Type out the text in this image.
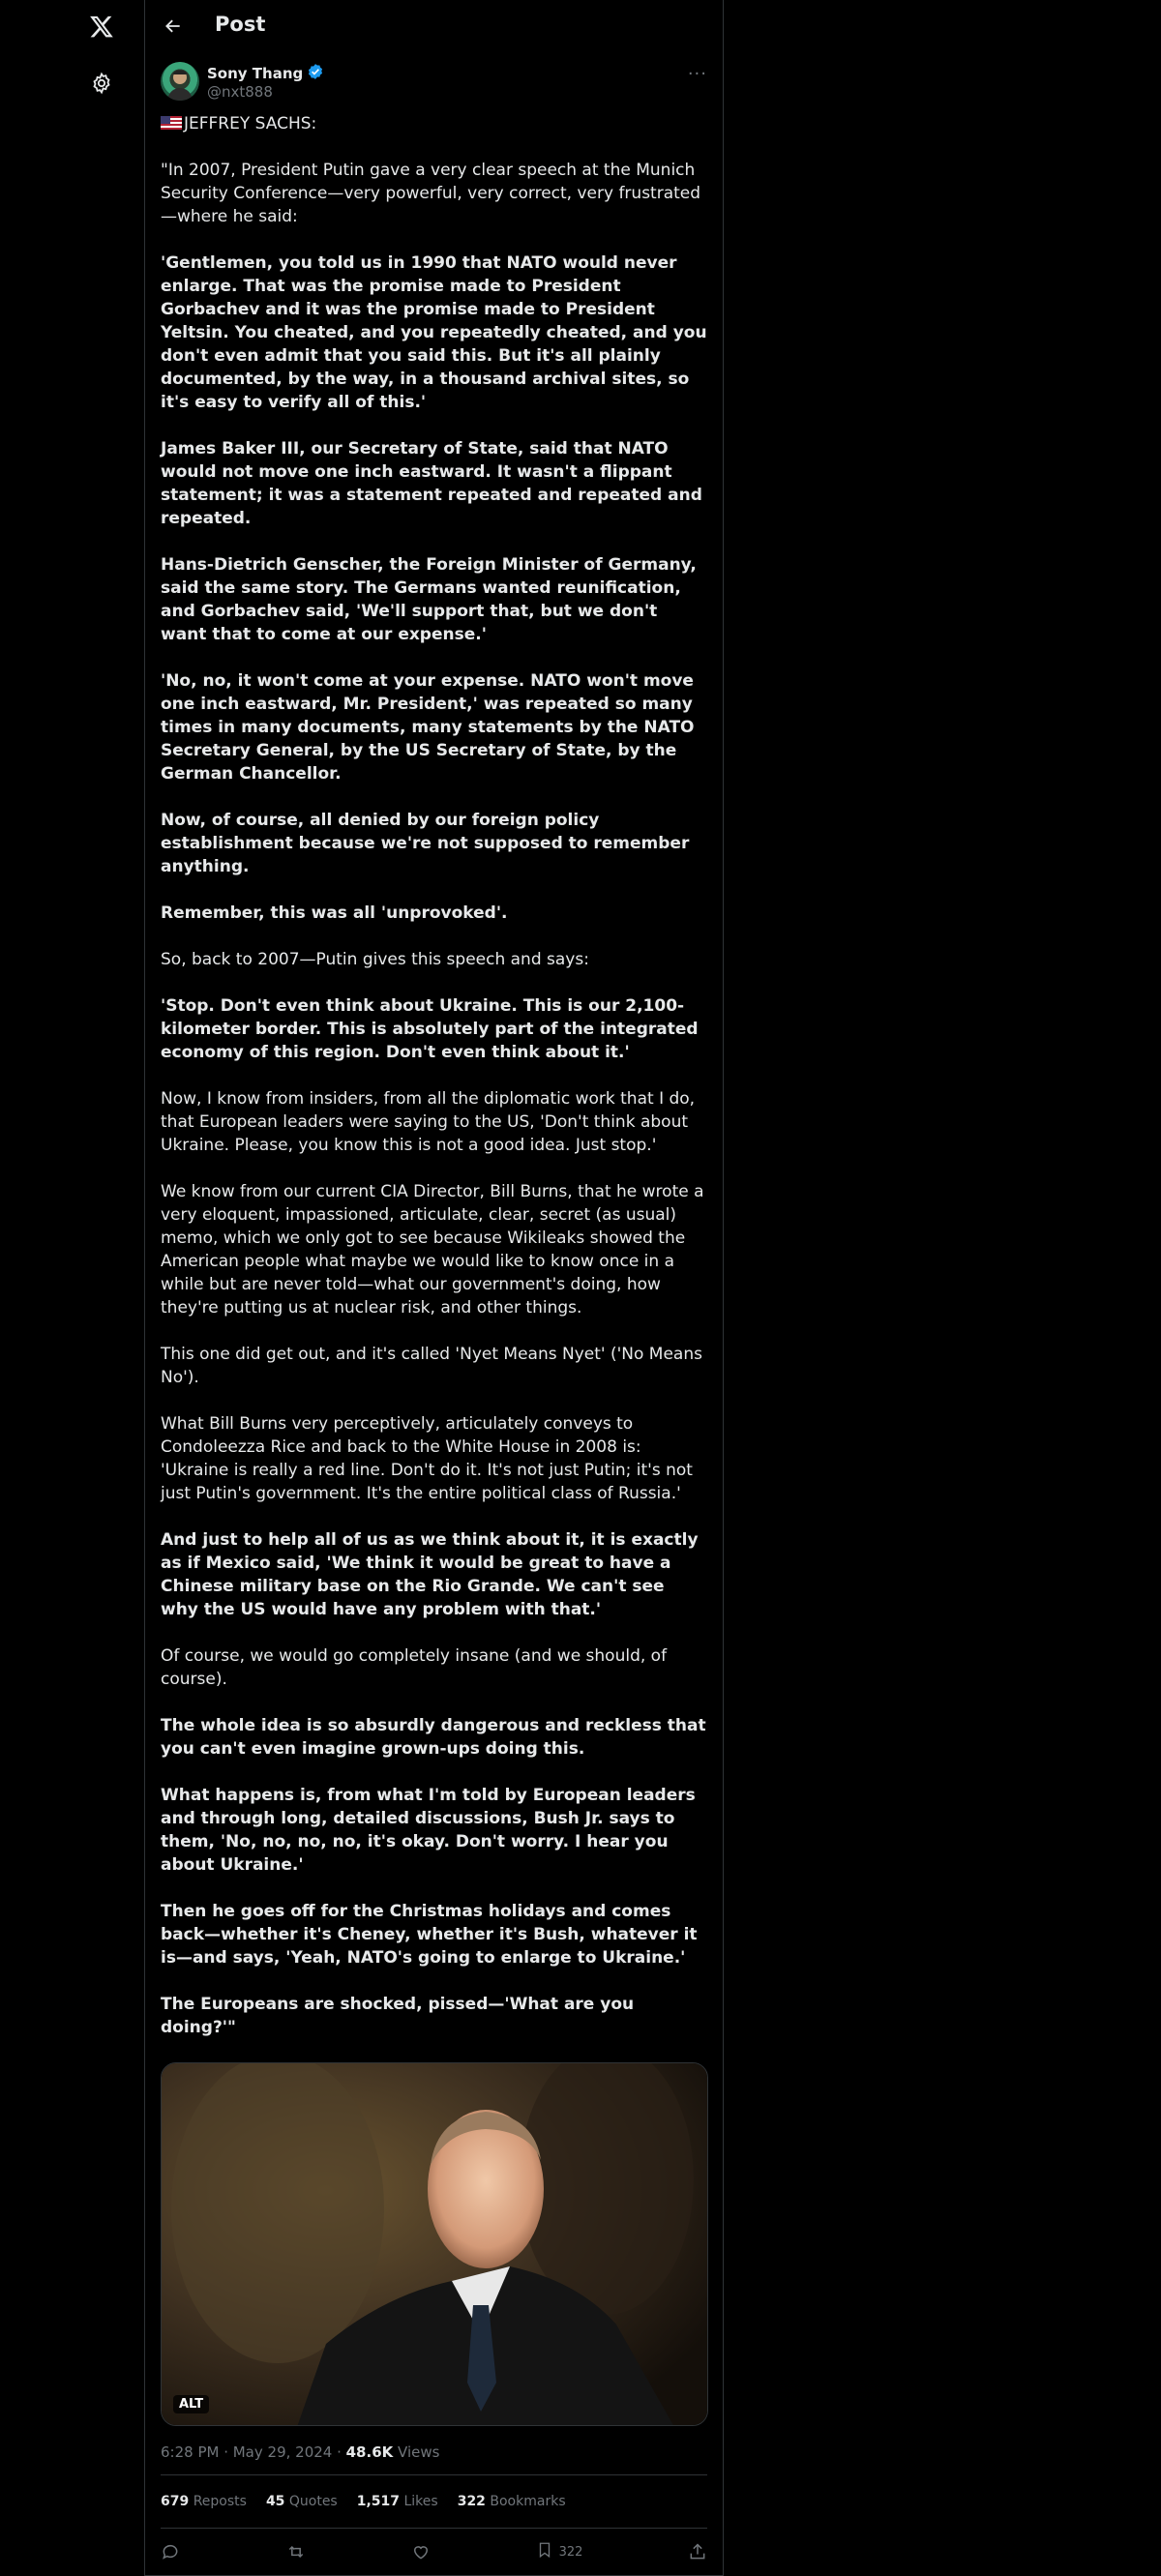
Post
Sony Thang
@nxt888
···

JEFFREY SACHS:

"In 2007, President Putin gave a very clear speech at the Munich Security Conference—very powerful, very correct, very frustrated—where he said:

'Gentlemen, you told us in 1990 that NATO would never enlarge. That was the promise made to President Gorbachev and it was the promise made to President Yeltsin. You cheated, and you repeatedly cheated, and you don't even admit that you said this. But it's all plainly documented, by the way, in a thousand archival sites, so it's easy to verify all of this.'

James Baker III, our Secretary of State, said that NATO would not move one inch eastward. It wasn't a flippant statement; it was a statement repeated and repeated and repeated.

Hans-Dietrich Genscher, the Foreign Minister of Germany, said the same story. The Germans wanted reunification, and Gorbachev said, 'We'll support that, but we don't want that to come at our expense.'

'No, no, it won't come at your expense. NATO won't move one inch eastward, Mr. President,' was repeated so many times in many documents, many statements by the NATO Secretary General, by the US Secretary of State, by the German Chancellor.

Now, of course, all denied by our foreign policy establishment because we're not supposed to remember anything.

Remember, this was all 'unprovoked'.

So, back to 2007—Putin gives this speech and says:

'Stop. Don't even think about Ukraine. This is our 2,100-kilometer border. This is absolutely part of the integrated economy of this region. Don't even think about it.'

Now, I know from insiders, from all the diplomatic work that I do, that European leaders were saying to the US, 'Don't think about Ukraine. Please, you know this is not a good idea. Just stop.'

We know from our current CIA Director, Bill Burns, that he wrote a very eloquent, impassioned, articulate, clear, secret (as usual) memo, which we only got to see because Wikileaks showed the American people what maybe we would like to know once in a while but are never told—what our government's doing, how they're putting us at nuclear risk, and other things.

This one did get out, and it's called 'Nyet Means Nyet' ('No Means No').

What Bill Burns very perceptively, articulately conveys to Condoleezza Rice and back to the White House in 2008 is: 'Ukraine is really a red line. Don't do it. It's not just Putin; it's not just Putin's government. It's the entire political class of Russia.'

And just to help all of us as we think about it, it is exactly as if Mexico said, 'We think it would be great to have a Chinese military base on the Rio Grande. We can't see why the US would have any problem with that.'

Of course, we would go completely insane (and we should, of course).

The whole idea is so absurdly dangerous and reckless that you can't even imagine grown-ups doing this.

What happens is, from what I'm told by European leaders and through long, detailed discussions, Bush Jr. says to them, 'No, no, no, no, it's okay. Don't worry. I hear you about Ukraine.'

Then he goes off for the Christmas holidays and comes back—whether it's Cheney, whether it's Bush, whatever it is—and says, 'Yeah, NATO's going to enlarge to Ukraine.'

The Europeans are shocked, pissed—'What are you doing?'"

ALT
6:28 PM · May 29, 2024 · 48.6K Views
679 Reposts 45 Quotes 1,517 Likes 322 Bookmarks
322
